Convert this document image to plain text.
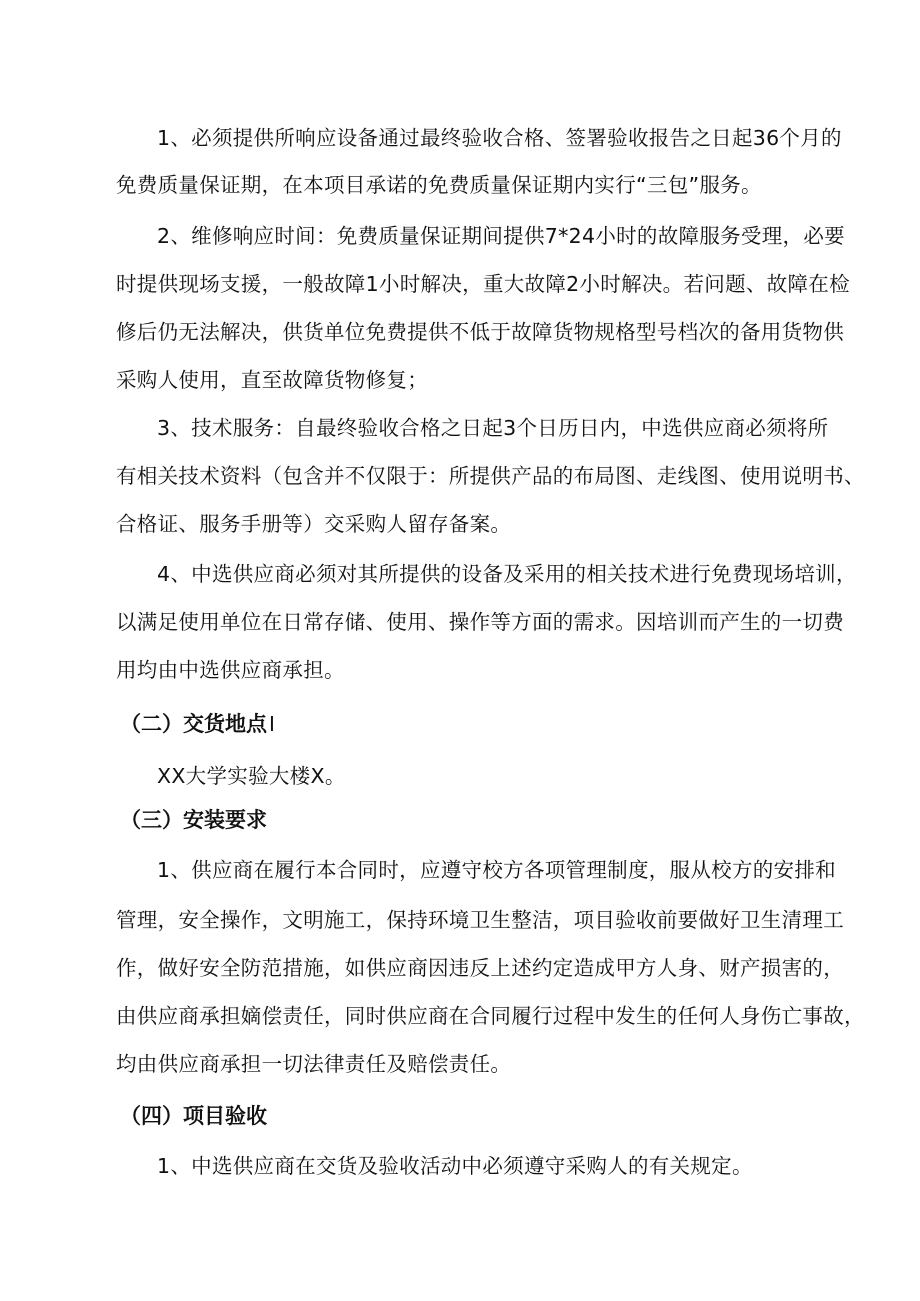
1、必须提供所响应设备通过最终验收合格、签署验收报告之日起36个月的
免费质量保证期，在本项目承诺的免费质量保证期内实行“三包”服务。
2、维修响应时间：免费质量保证期间提供7*24小时的故障服务受理，必要
时提供现场支援，一般故障1小时解决，重大故障2小时解决。若问题、故障在检
修后仍无法解决，供货单位免费提供不低于故障货物规格型号档次的备用货物供
采购人使用，直至故障货物修复；
3、技术服务：自最终验收合格之日起3个日历日内，中选供应商必须将所
有相关技术资料（包含并不仅限于：所提供产品的布局图、走线图、使用说明书、
合格证、服务手册等）交采购人留存备案。
4、中选供应商必须对其所提供的设备及采用的相关技术进行免费现场培训，
以满足使用单位在日常存储、使用、操作等方面的需求。因培训而产生的一切费
用均由中选供应商承担。
（二）交货地点 I
XX大学实验大楼X。
（三）安装要求
1、供应商在履行本合同时，应遵守校方各项管理制度，服从校方的安排和
管理，安全操作，文明施工，保持环境卫生整洁，项目验收前要做好卫生清理工
作，做好安全防范措施，如供应商因违反上述约定造成甲方人身、财产损害的，
由供应商承担嫡偿责任，同时供应商在合同履行过程中发生的任何人身伤亡事故，
均由供应商承担一切法律责任及赔偿责任。
（四）项目验收
1、中选供应商在交货及验收活动中必须遵守采购人的有关规定。
